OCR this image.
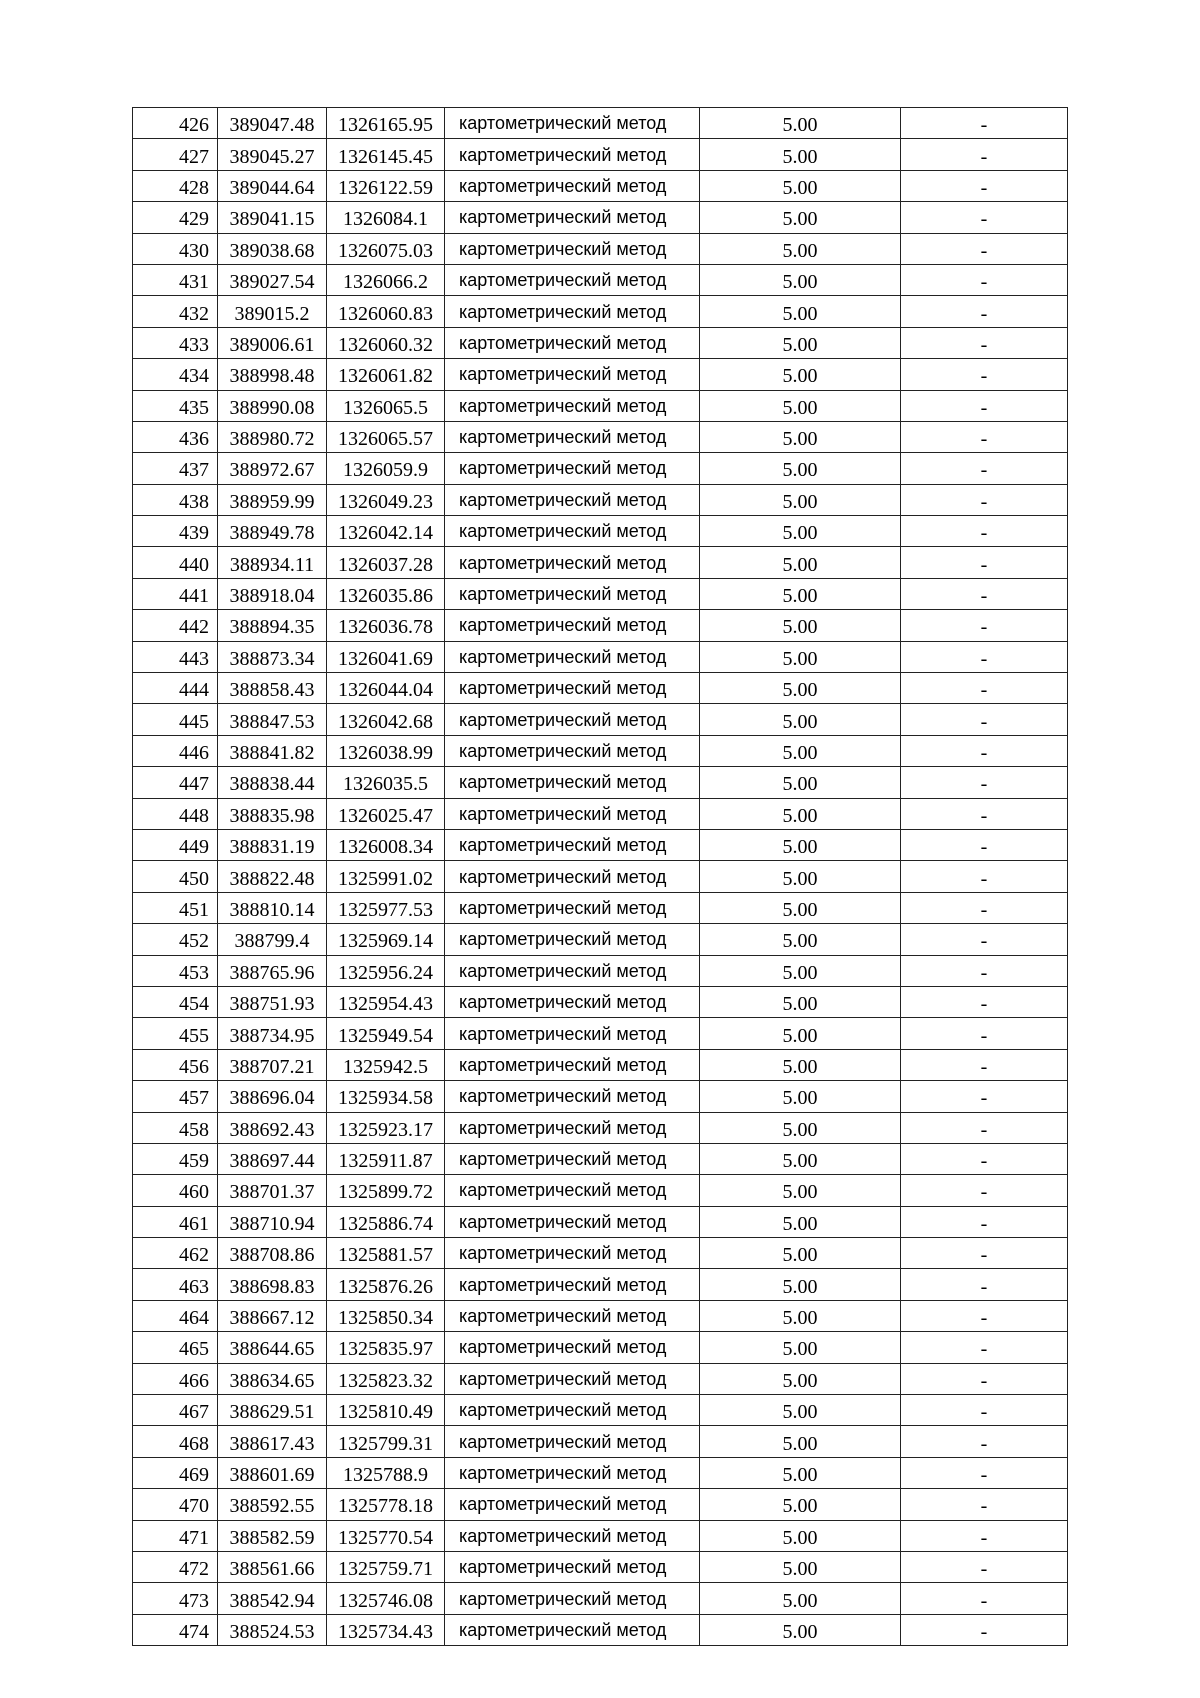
426	389047.48	1326165.95	картометрический метод	5.00	-
427	389045.27	1326145.45	картометрический метод	5.00	-
428	389044.64	1326122.59	картометрический метод	5.00	-
429	389041.15	1326084.1	картометрический метод	5.00	-
430	389038.68	1326075.03	картометрический метод	5.00	-
431	389027.54	1326066.2	картометрический метод	5.00	-
432	389015.2	1326060.83	картометрический метод	5.00	-
433	389006.61	1326060.32	картометрический метод	5.00	-
434	388998.48	1326061.82	картометрический метод	5.00	-
435	388990.08	1326065.5	картометрический метод	5.00	-
436	388980.72	1326065.57	картометрический метод	5.00	-
437	388972.67	1326059.9	картометрический метод	5.00	-
438	388959.99	1326049.23	картометрический метод	5.00	-
439	388949.78	1326042.14	картометрический метод	5.00	-
440	388934.11	1326037.28	картометрический метод	5.00	-
441	388918.04	1326035.86	картометрический метод	5.00	-
442	388894.35	1326036.78	картометрический метод	5.00	-
443	388873.34	1326041.69	картометрический метод	5.00	-
444	388858.43	1326044.04	картометрический метод	5.00	-
445	388847.53	1326042.68	картометрический метод	5.00	-
446	388841.82	1326038.99	картометрический метод	5.00	-
447	388838.44	1326035.5	картометрический метод	5.00	-
448	388835.98	1326025.47	картометрический метод	5.00	-
449	388831.19	1326008.34	картометрический метод	5.00	-
450	388822.48	1325991.02	картометрический метод	5.00	-
451	388810.14	1325977.53	картометрический метод	5.00	-
452	388799.4	1325969.14	картометрический метод	5.00	-
453	388765.96	1325956.24	картометрический метод	5.00	-
454	388751.93	1325954.43	картометрический метод	5.00	-
455	388734.95	1325949.54	картометрический метод	5.00	-
456	388707.21	1325942.5	картометрический метод	5.00	-
457	388696.04	1325934.58	картометрический метод	5.00	-
458	388692.43	1325923.17	картометрический метод	5.00	-
459	388697.44	1325911.87	картометрический метод	5.00	-
460	388701.37	1325899.72	картометрический метод	5.00	-
461	388710.94	1325886.74	картометрический метод	5.00	-
462	388708.86	1325881.57	картометрический метод	5.00	-
463	388698.83	1325876.26	картометрический метод	5.00	-
464	388667.12	1325850.34	картометрический метод	5.00	-
465	388644.65	1325835.97	картометрический метод	5.00	-
466	388634.65	1325823.32	картометрический метод	5.00	-
467	388629.51	1325810.49	картометрический метод	5.00	-
468	388617.43	1325799.31	картометрический метод	5.00	-
469	388601.69	1325788.9	картометрический метод	5.00	-
470	388592.55	1325778.18	картометрический метод	5.00	-
471	388582.59	1325770.54	картометрический метод	5.00	-
472	388561.66	1325759.71	картометрический метод	5.00	-
473	388542.94	1325746.08	картометрический метод	5.00	-
474	388524.53	1325734.43	картометрический метод	5.00	-
